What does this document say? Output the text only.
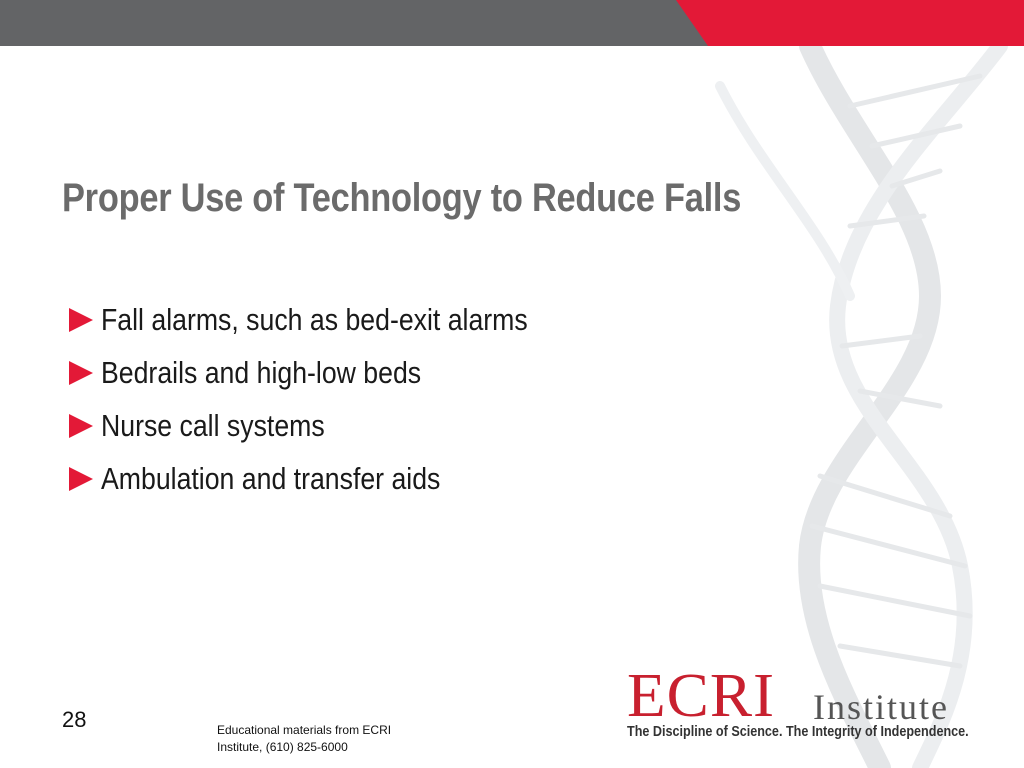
Proper Use of Technology to Reduce Falls
Fall alarms, such as bed-exit alarms
Bedrails and high-low beds
Nurse call systems
Ambulation and transfer aids
28	Educational materials from ECRI
Institute, (610) 825-6000
ECRI Institute
The Discipline of Science. The Integrity of Independence.
